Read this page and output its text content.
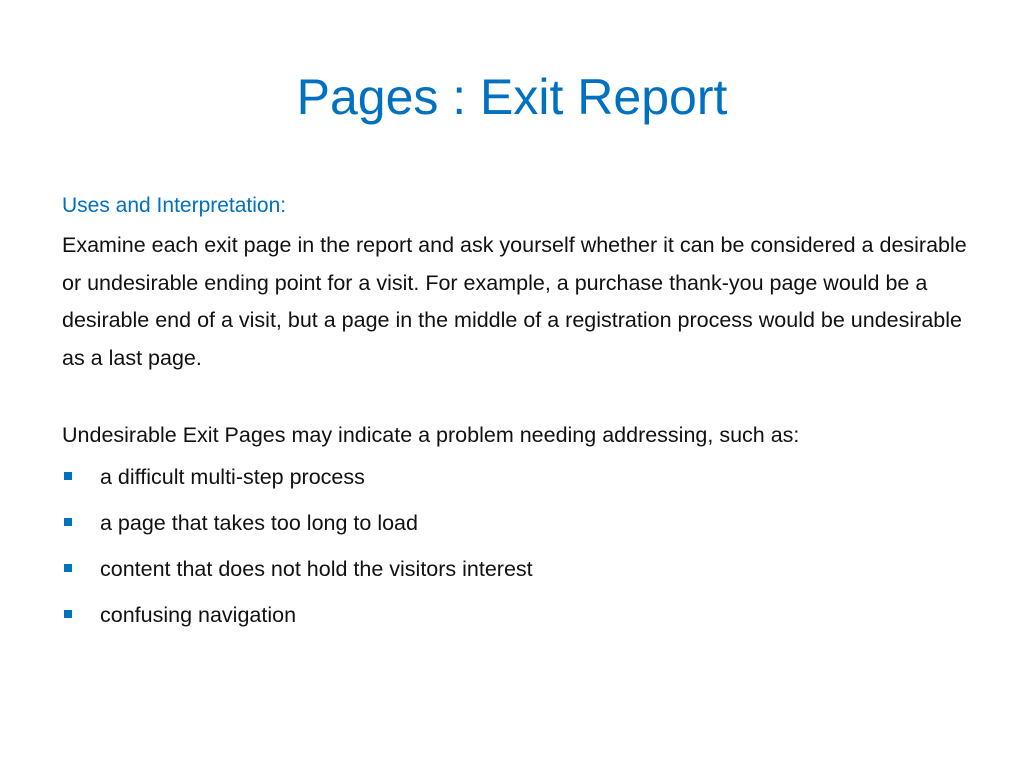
Pages : Exit Report

Uses and Interpretation:

Examine each exit page in the report and ask yourself whether it can be considered a desirable or undesirable ending point for a visit. For example, a purchase thank-you page would be a desirable end of a visit, but a page in the middle of a registration process would be undesirable as a last page.

Undesirable Exit Pages may indicate a problem needing addressing, such as:

a difficult multi-step process
a page that takes too long to load
content that does not hold the visitors interest
confusing navigation
